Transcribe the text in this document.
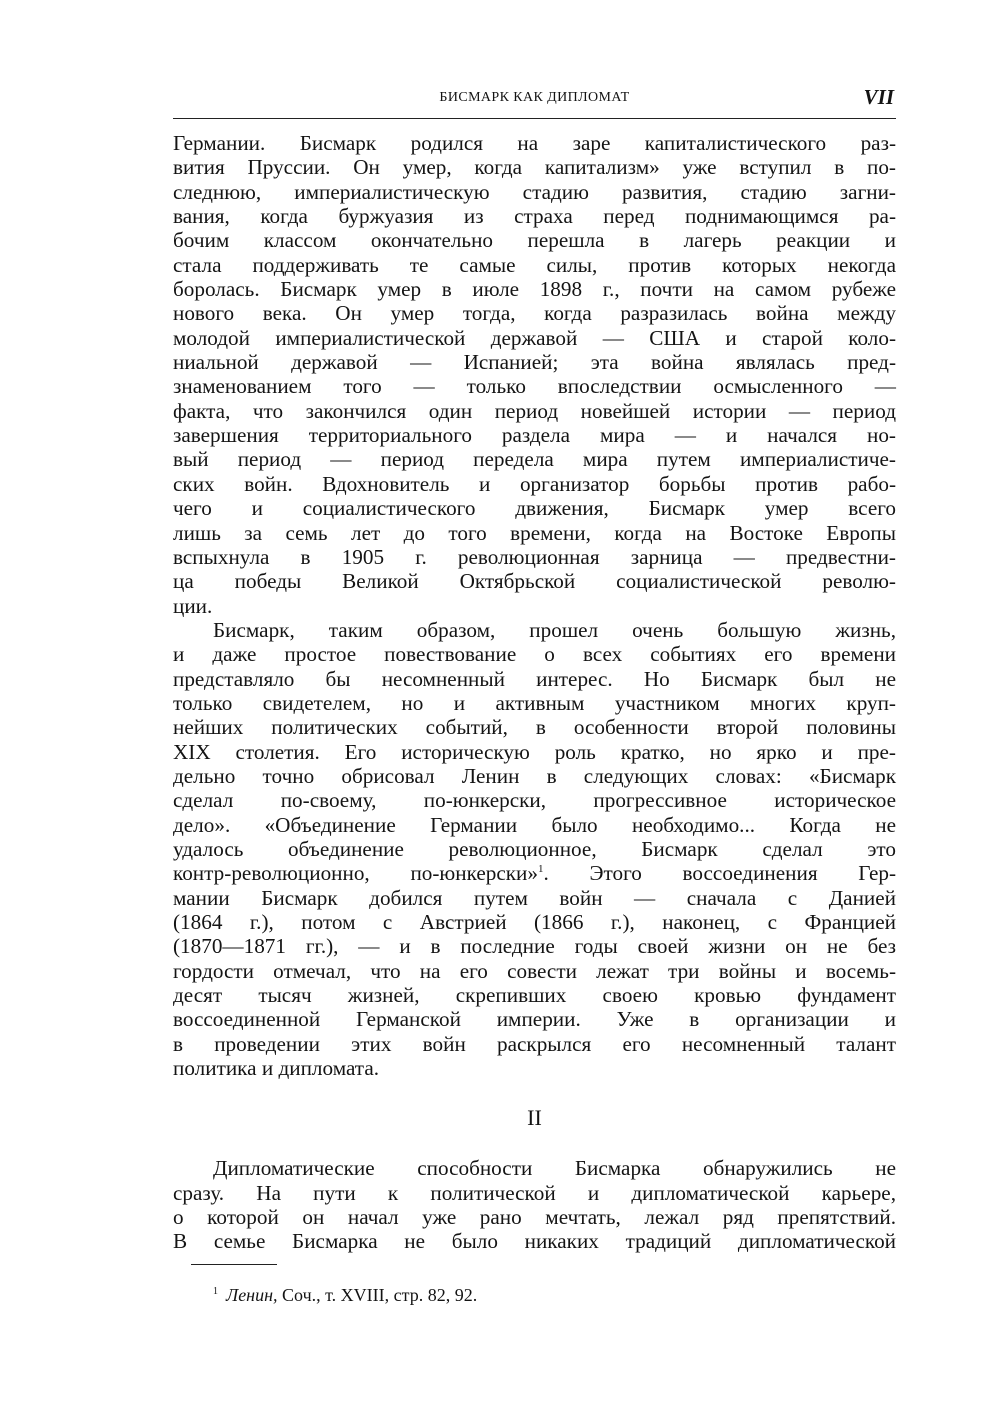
БИСМАРК КАК ДИПЛОМАТ	VII
Германии. Бисмарк родился на заре капиталистического раз-
вития Пруссии. Он умер, когда капитализм» уже вступил в по-
следнюю, империалистическую стадию развития, стадию загни-
вания, когда буржуазия из страха перед поднимающимся ра-
бочим классом окончательно перешла в лагерь реакции и
стала поддерживать те самые силы, против которых некогда
боролась. Бисмарк умер в июле 1898 г., почти на самом рубеже
нового века. Он умер тогда, когда разразилась война между
молодой империалистической державой — США и старой коло-
ниальной державой — Испанией; эта война являлась пред-
знаменованием того — только впоследствии осмысленного —
факта, что закончился один период новейшей истории — период
завершения территориального раздела мира — и начался но-
вый период — период передела мира путем империалистиче-
ских войн. Вдохновитель и организатор борьбы против рабо-
чего и социалистического движения, Бисмарк умер всего
лишь за семь лет до того времени, когда на Востоке Европы
вспыхнула в 1905 г. революционная зарница — предвестни-
ца победы Великой Октябрьской социалистической револю-
ции.
Бисмарк, таким образом, прошел очень большую жизнь,
и даже простое повествование о всех событиях его времени
представляло бы несомненный интерес. Но Бисмарк был не
только свидетелем, но и активным участником многих круп-
нейших политических событий, в особенности второй половины
XIX столетия. Его историческую роль кратко, но ярко и пре-
дельно точно обрисовал Ленин в следующих словах: «Бисмарк
сделал по-своему, по-юнкерски, прогрессивное историческое
дело». «Объединение Германии было необходимо... Когда не
удалось объединение революционное, Бисмарк сделал это
контр-революционно, по-юнкерски»$^1$. Этого воссоединения Гер-
мании Бисмарк добился путем войн — сначала с Данией
(1864 г.), потом с Австрией (1866 г.), наконец, с Францией
(1870—1871 гг.), — и в последние годы своей жизни он не без
гордости отмечал, что на его совести лежат три войны и восемь-
десят тысяч жизней, скрепивших своею кровью фундамент
воссоединенной Германской империи. Уже в организации и
в проведении этих войн раскрылся его несомненный талант
политика и дипломата.
II
Дипломатические способности Бисмарка обнаружились не
сразу. На пути к политической и дипломатической карьере,
о которой он начал уже рано мечтать, лежал ряд препятствий.
В семье Бисмарка не было никаких традиций дипломатической
$^1$ Ленин, Соч., т. XVIII, стр. 82, 92.
